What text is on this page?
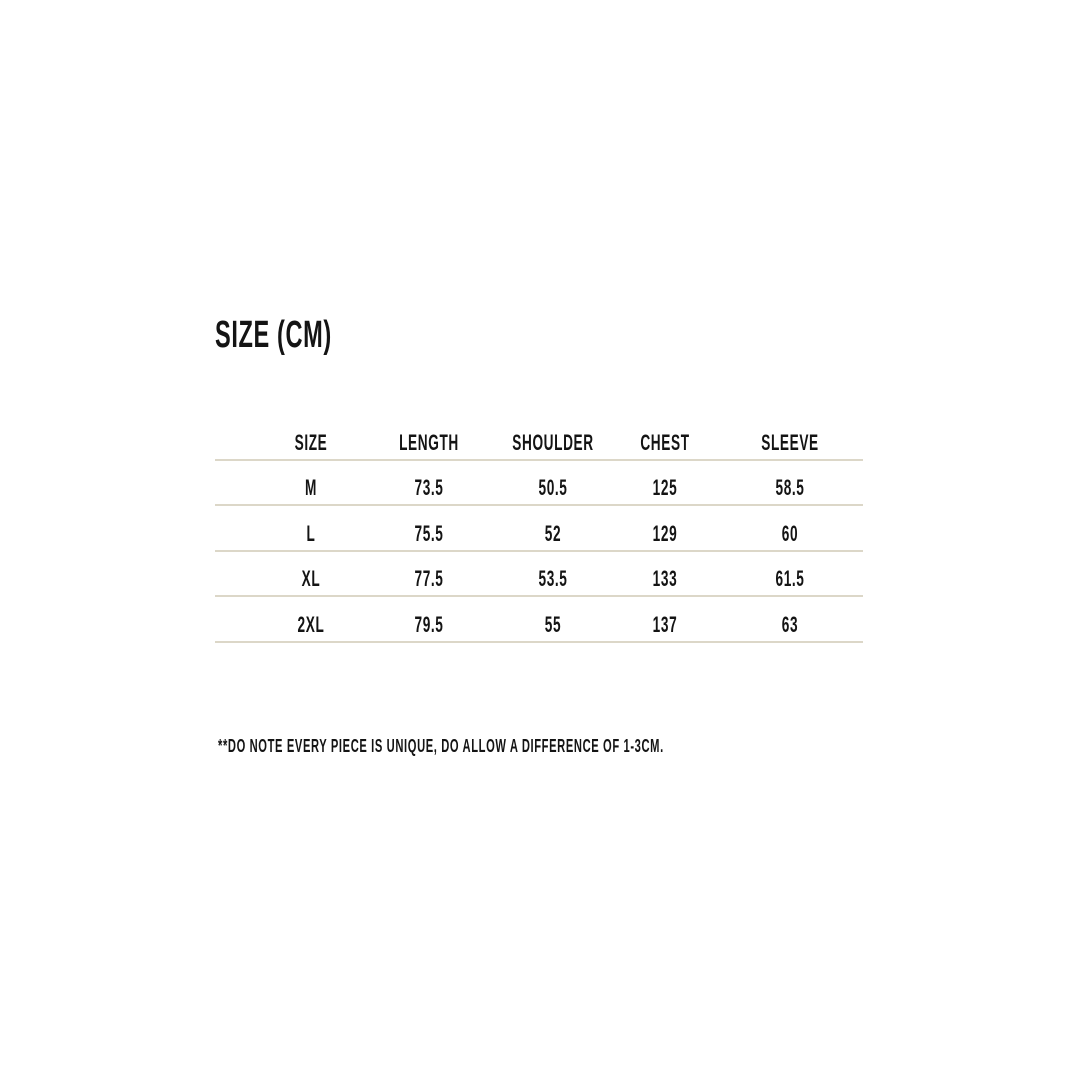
SIZE (CM)
SIZE	LENGTH	SHOULDER	CHEST	SLEEVE
M	73.5	50.5	125	58.5
L	75.5	52	129	60
XL	77.5	53.5	133	61.5
2XL	79.5	55	137	63

**DO NOTE EVERY PIECE IS UNIQUE, DO ALLOW A DIFFERENCE OF 1-3CM.
